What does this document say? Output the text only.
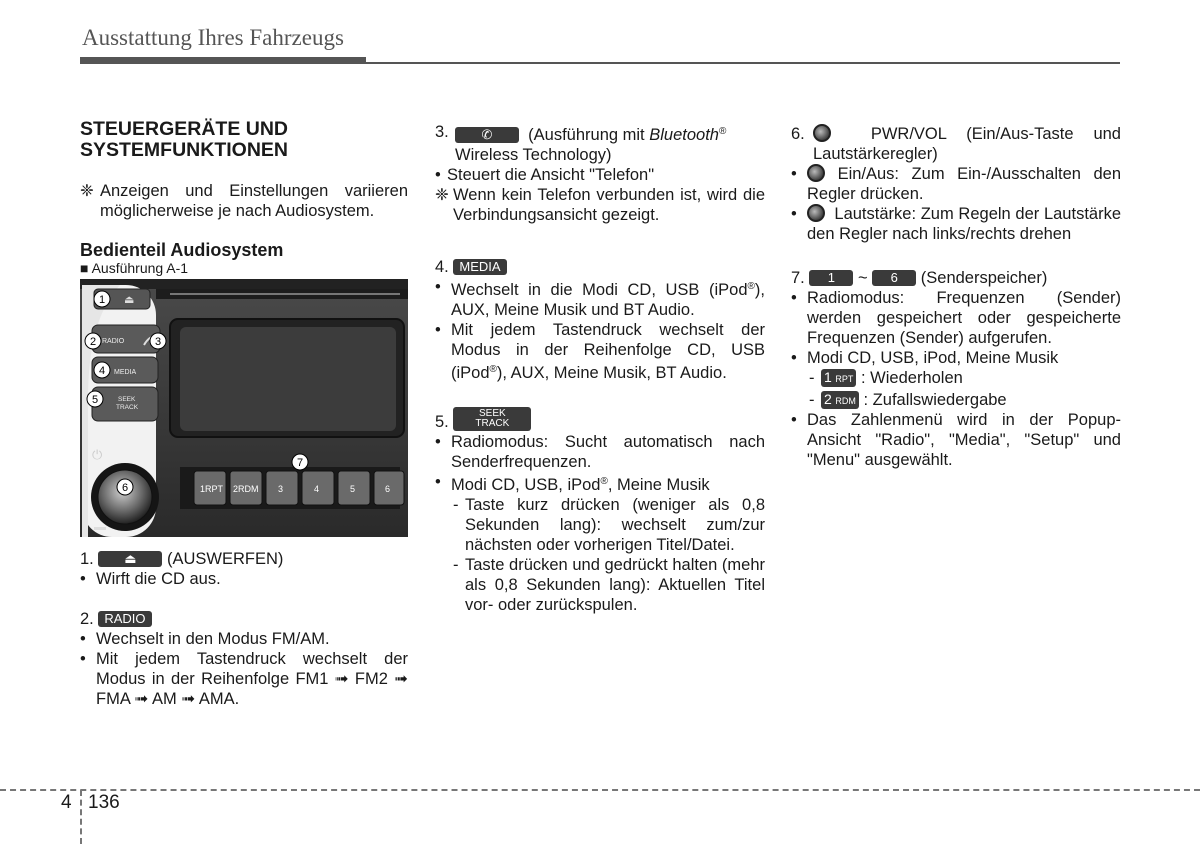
Ausstattung Ihres Fahrzeugs

STEUERGERÄTE UND
SYSTEMFUNKTIONEN

❈ Anzeigen und Einstellungen variieren möglicherweise je nach Audiosystem.

Bedienteil Audiosystem

■ Ausführung A-1

⏏
RADIO
MEDIA
SEEK
TRACK
⏻
1RPT 2RDM 3	4	5	6
1
2	3
4
5
6
7

1. ⏏ (AUSWERFEN)

• Wirft die CD aus.

2. RADIO

• Wechselt in den Modus FM/AM.
• Mit jedem Tastendruck wechselt der Modus in der Reihenfolge FM1 ➟ FM2 ➟ FMA ➟ AM ➟ AMA.
3.	✆ (Ausführung mit Bluetooth®
Wireless Technology)
• Steuert die Ansicht "Telefon"
❈ Wenn kein Telefon verbunden ist, wird die Verbindungsansicht gezeigt.

4. MEDIA

• Wechselt in die Modi CD, USB (iPod®), AUX, Meine Musik und BT Audio.
• Mit jedem Tastendruck wechselt der Modus in der Reihenfolge CD, USB (iPod®), AUX, Meine Musik, BT Audio.

5.	SEEK
TRACK

• Radiomodus: Sucht automatisch nach Senderfrequenzen.
• Modi CD, USB, iPod®, Meine Musik
- Taste kurz drücken (weniger als 0,8 Sekunden lang): wechselt zum/zur nächsten oder vorherigen Titel/Datei.
- Taste drücken und gedrückt halten (mehr als 0,8 Sekunden lang): Aktuellen Titel vor- oder zurückspulen.
6.	PWR/VOL (Ein/Aus-Taste und Lautstärkeregler)
•	Ein/Aus: Zum Ein-/Ausschalten den Regler drücken.
•	Lautstärke: Zum Regeln der Lautstärke den Regler nach links/rechts drehen

7. 1 ~ 6 (Senderspeicher)

• Radiomodus: Frequenzen (Sender) werden gespeichert oder gespeicherte Frequenzen (Sender) aufgerufen.
• Modi CD, USB, iPod, Meine Musik
- 1 RPT : Wiederholen
- 2 RDM : Zufallswiedergabe
• Das Zahlenmenü wird in der Popup-Ansicht "Radio", "Media", "Setup" und "Menu" ausgewählt.
4 136
